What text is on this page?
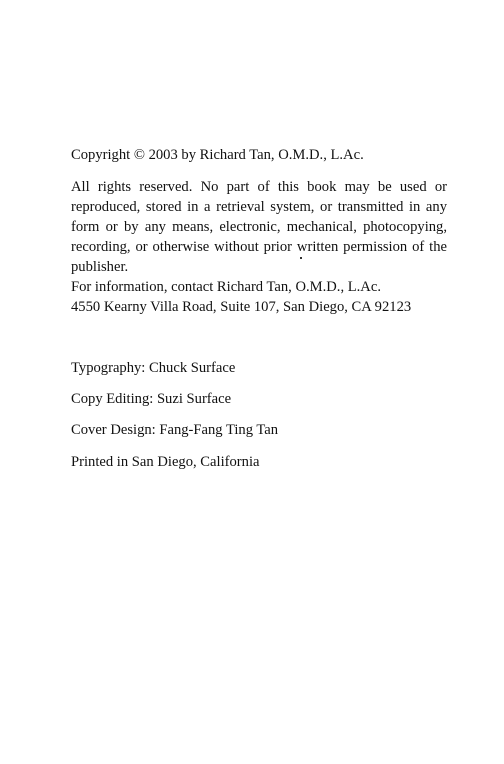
Copyright © 2003 by Richard Tan, O.M.D., L.Ac.
All rights reserved. No part of this book may be used or reproduced, stored in a retrieval system, or transmitted in any form or by any means, electronic, mechanical, photocopying, recording, or otherwise without prior written permission of the publisher.
For information, contact Richard Tan, O.M.D., L.Ac.
4550 Kearny Villa Road, Suite 107, San Diego, CA 92123
Typography: Chuck Surface
Copy Editing: Suzi Surface
Cover Design: Fang-Fang Ting Tan
Printed in San Diego, California
